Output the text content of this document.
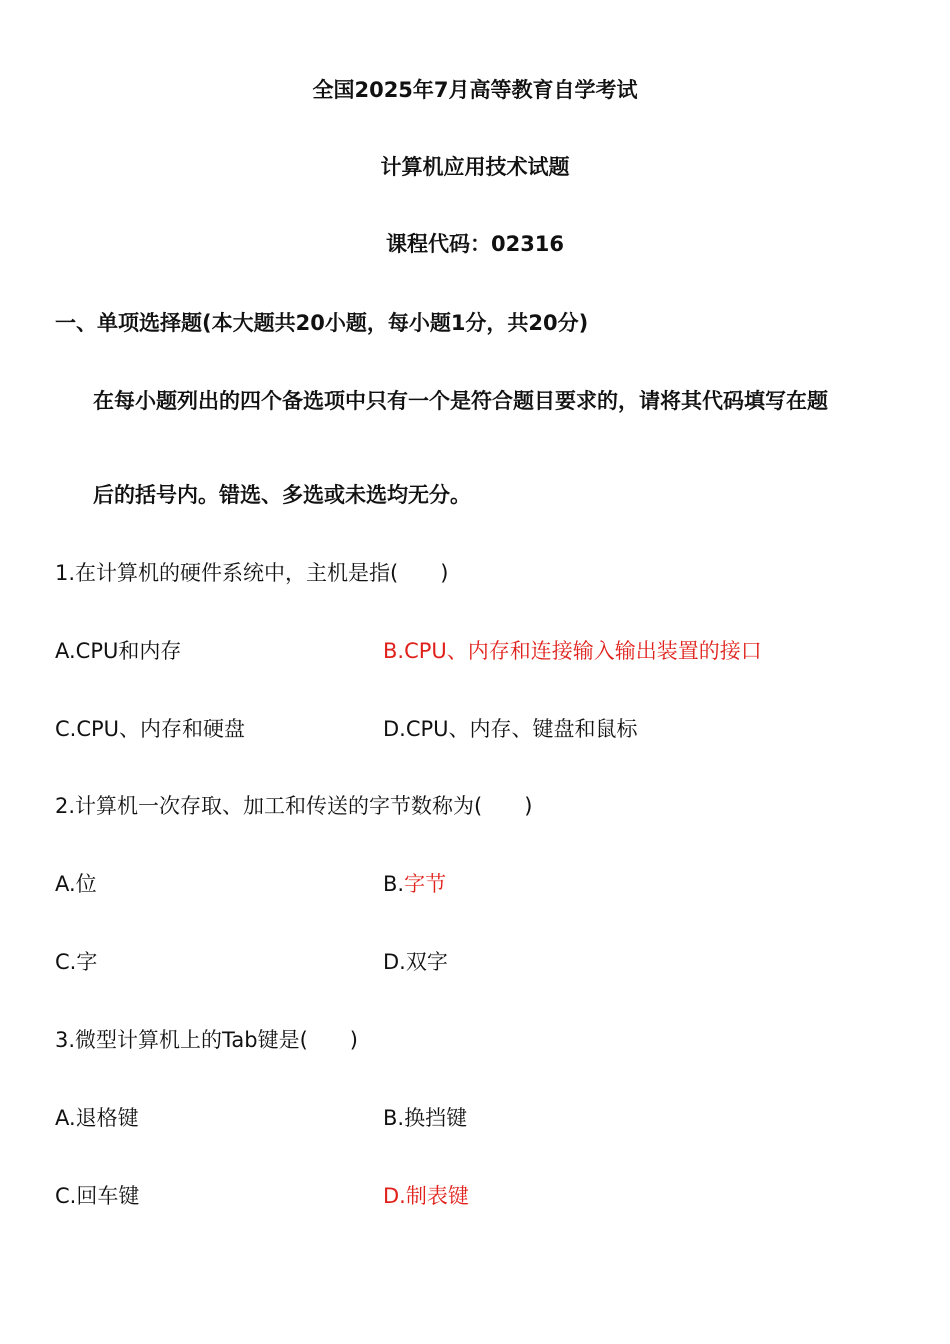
全国2025年7月高等教育自学考试
计算机应用技术试题
课程代码：02316
一、单项选择题(本大题共20小题，每小题1分，共20分)
在每小题列出的四个备选项中只有一个是符合题目要求的，请将其代码填写在题
后的括号内。错选、多选或未选均无分。
1.在计算机的硬件系统中，主机是指(　　)
A.CPU和内存	B.CPU、内存和连接输入输出装置的接口
C.CPU、内存和硬盘	D.CPU、内存、键盘和鼠标
2.计算机一次存取、加工和传送的字节数称为(　　)
A.位	B.字节
C.字	D.双字
3.微型计算机上的Tab键是(　　)
A.退格键	B.换挡键
C.回车键	D.制表键
